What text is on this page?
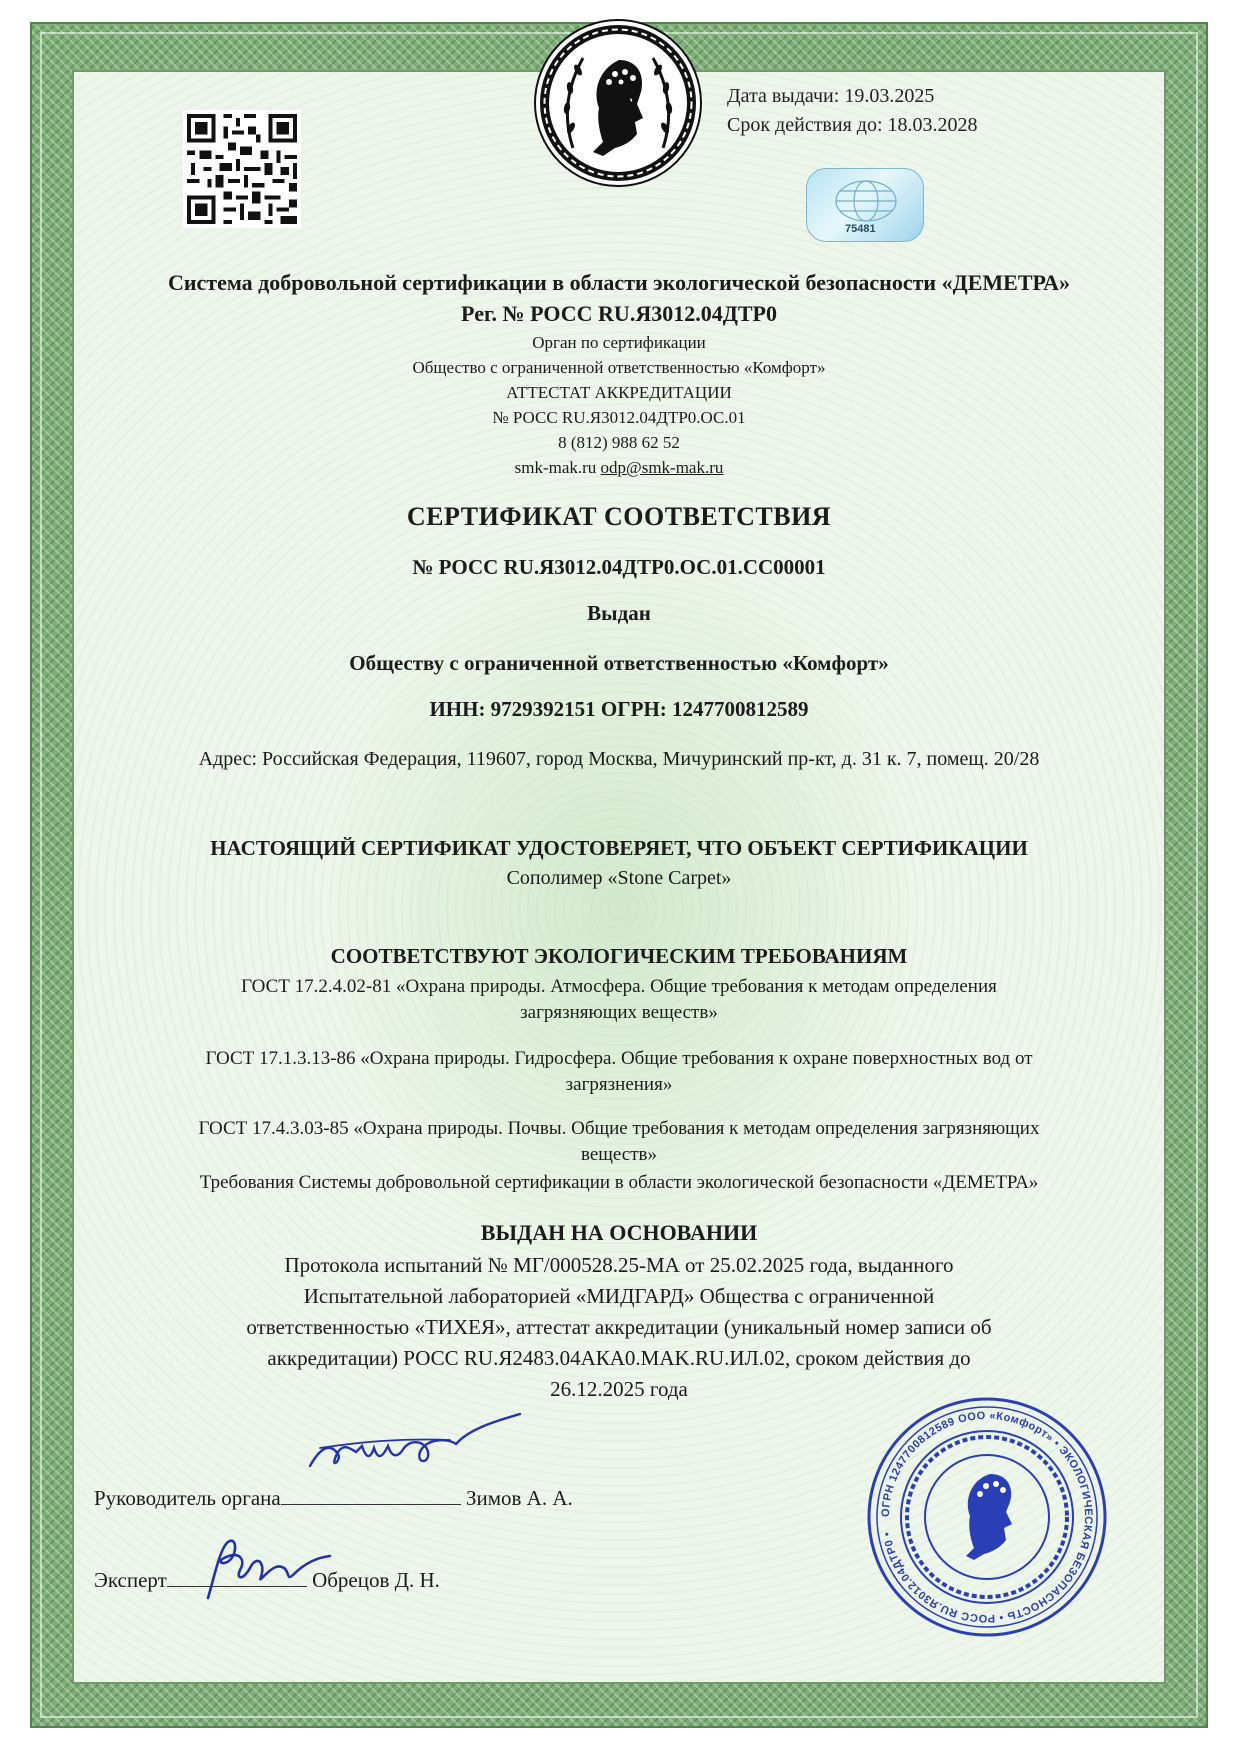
Дата выдачи: 19.03.2025
Срок действия до: 18.03.2028
75481
Система добровольной сертификации в области экологической безопасности «ДЕМЕТРА»
Рег. № РОСС RU.Я3012.04ДТР0
Орган по сертификации
Общество с ограниченной ответственностью «Комфорт»
АТТЕСТАТ АККРЕДИТАЦИИ
№ РОСС RU.Я3012.04ДТР0.ОС.01
8 (812) 988 62 52
smk-mak.ru odp@smk-mak.ru
СЕРТИФИКАТ СООТВЕТСТВИЯ
№ РОСС RU.Я3012.04ДТР0.ОС.01.СС00001
Выдан
Обществу с ограниченной ответственностью «Комфорт»
ИНН: 9729392151 ОГРН: 1247700812589
Адрес: Российская Федерация, 119607, город Москва, Мичуринский пр-кт, д. 31 к. 7, помещ. 20/28
НАСТОЯЩИЙ СЕРТИФИКАТ УДОСТОВЕРЯЕТ, ЧТО ОБЪЕКТ СЕРТИФИКАЦИИ
Сополимер «Stone Carpet»
СООТВЕТСТВУЮТ ЭКОЛОГИЧЕСКИМ ТРЕБОВАНИЯМ
ГОСТ 17.2.4.02-81 «Охрана природы. Атмосфера. Общие требования к методам определения загрязняющих веществ»
ГОСТ 17.1.3.13-86 «Охрана природы. Гидросфера. Общие требования к охране поверхностных вод от загрязнения»
ГОСТ 17.4.3.03-85 «Охрана природы. Почвы. Общие требования к методам определения загрязняющих веществ»
Требования Системы добровольной сертификации в области экологической безопасности «ДЕМЕТРА»
ВЫДАН НА ОСНОВАНИИ
Протокола испытаний № МГ/000528.25-МА от 25.02.2025 года, выданного Испытательной лабораторией «МИДГАРД» Общества с ограниченной ответственностью «ТИХЕЯ», аттестат аккредитации (уникальный номер записи об аккредитации) РОСС RU.Я2483.04АКА0.MAK.RU.ИЛ.02, сроком действия до 26.12.2025 года
Руководитель органа	Зимов А. А.
Эксперт	Обрецов Д. Н.
ОГРН 1247700812589 ООО «Комфорт» • ЭКОЛОГИЧЕСКАЯ БЕЗОПАСНОСТЬ • РОСС RU.Я3012.04ДТР0 •
